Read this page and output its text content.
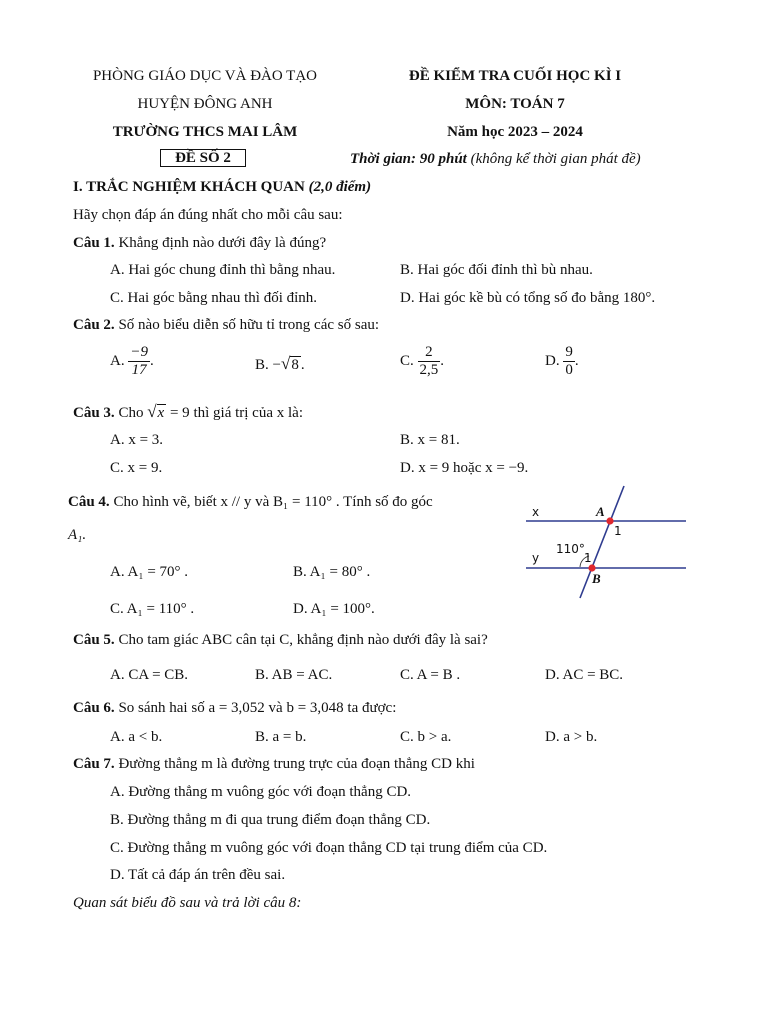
PHÒNG GIÁO DỤC VÀ ĐÀO TẠO
HUYỆN ĐÔNG ANH
TRƯỜNG THCS MAI LÂM
ĐỀ SỐ 2
ĐỀ KIỂM TRA CUỐI HỌC KÌ I
MÔN: TOÁN 7
Năm học 2023 – 2024
Thời gian: 90 phút (không kể thời gian phát đề)
I. TRẮC NGHIỆM KHÁCH QUAN (2,0 điểm)
Hãy chọn đáp án đúng nhất cho mỗi câu sau:
Câu 1. Khẳng định nào dưới đây là đúng?
A. Hai góc chung đỉnh thì bằng nhau.	B. Hai góc đối đỉnh thì bù nhau.
C. Hai góc bằng nhau thì đối đỉnh.	D. Hai góc kề bù có tổng số đo bằng 180°.
Câu 2. Số nào biểu diễn số hữu tỉ trong các số sau:
A. $\frac{-9}{17}$ .	B. −√8 .	C. $\frac{2}{2,5}$ .	D. $\frac{9}{0}$ .
Câu 3. Cho √x = 9 thì giá trị của x là:
A. x = 3.	B. x = 81.
C. x = 9.	D. x = 9 hoặc x = −9.
Câu 4. Cho hình vẽ, biết x // y và B₁ = 110° . Tính số đo góc
A₁.
A. A₁ = 70° .	B. A₁ = 80° .
C. A₁ = 110° .	D. A₁ = 100°.
x
y
A
B
1
1
110°
Câu 5. Cho tam giác ABC cân tại C, khẳng định nào dưới đây là sai?
A. CA = CB.	B. AB = AC.	C. A = B .	D. AC = BC.
Câu 6. So sánh hai số a = 3,052 và b = 3,048 ta được:
A. a < b.	B. a = b.	C. b > a.	D. a > b.
Câu 7. Đường thẳng m là đường trung trực của đoạn thẳng CD khi
A. Đường thẳng m vuông góc với đoạn thẳng CD.
B. Đường thẳng m đi qua trung điểm đoạn thẳng CD.
C. Đường thẳng m vuông góc với đoạn thẳng CD tại trung điểm của CD.
D. Tất cả đáp án trên đều sai.
Quan sát biểu đồ sau và trả lời câu 8:
